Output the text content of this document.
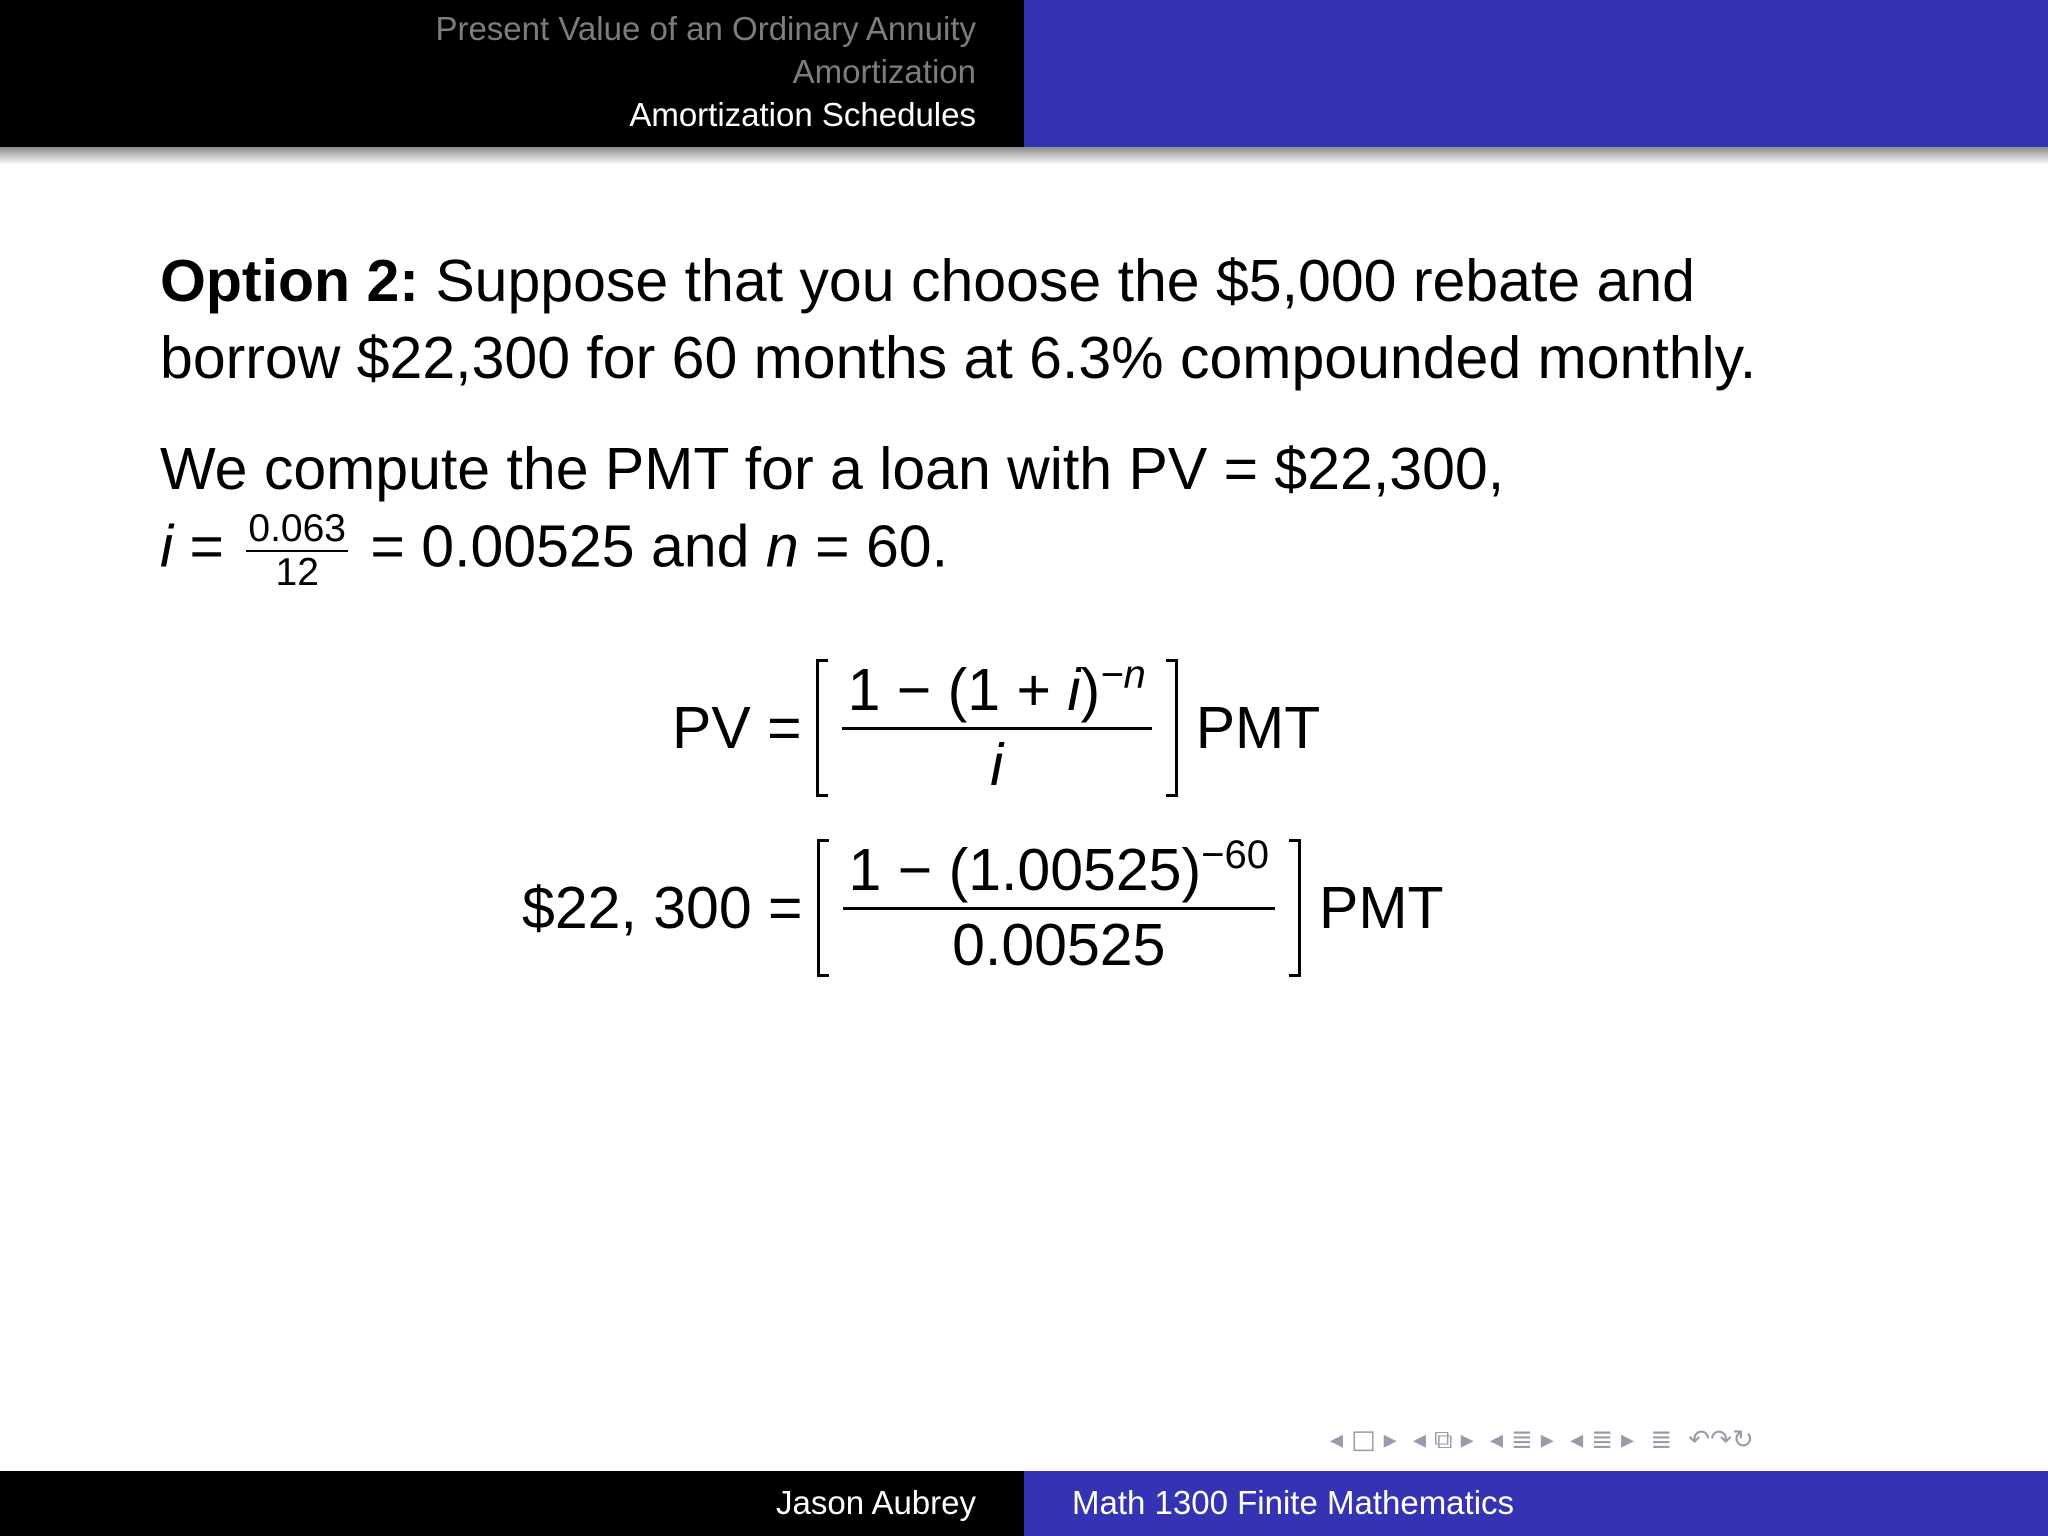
Present Value of an Ordinary Annuity

Amortization

Amortization Schedules

Option 2: Suppose that you choose the $5,000 rebate and
borrow $22,300 for 60 months at 6.3% compounded monthly.

We compute the PMT for a loan with PV = $22,300,

$i = \frac{0.063}{12} = 0.00525$ and n = 60.
PV = $\frac{1 - (1 + i)^{-n}}{i}$ PMT
$22, $300 = \frac{1 - (1.00525)^{-60}}{0.00525}$ PMT
◂ □ ▸ ◂ ⧉ ▸ ◂ ≣ ▸ ◂ ≣ ▸ ≣ ↶↷↻

Jason Aubrey	Math 1300 Finite Mathematics
